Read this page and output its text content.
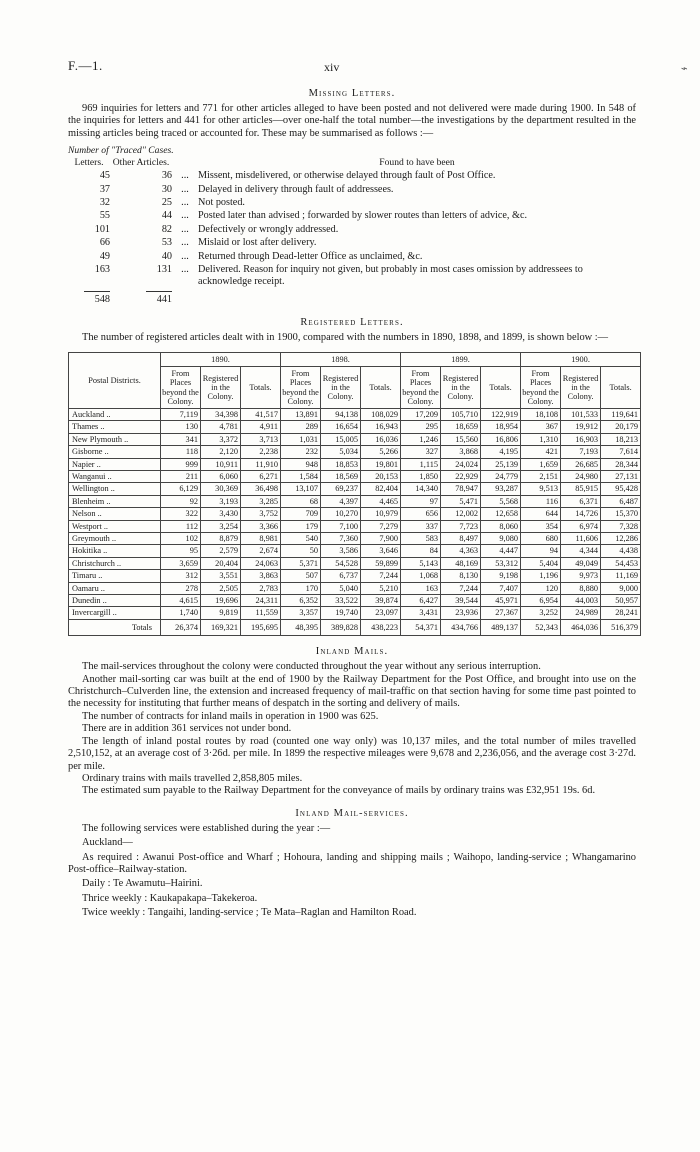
⌁
F.—1.	xiv
Missing Letters.

969 inquiries for letters and 771 for other articles alleged to have been posted and not delivered were made during 1900. In 548 of the inquiries for letters and 441 for other articles—over one-half the total number—the investigations by the department resulted in the missing articles being traced or accounted for. These may be summarised as follows :—

Number of "Traced" Cases.
Letters.	Other Articles.		Found to have been
45	36	...	Missent, misdelivered, or otherwise delayed through fault of Post Office.
37	30	...	Delayed in delivery through fault of addressees.
32	25	...	Not posted.
55	44	...	Posted later than advised ; forwarded by slower routes than letters of advice, &c.
101	82	...	Defectively or wrongly addressed.
66	53	...	Mislaid or lost after delivery.
49	40	...	Returned through Dead-letter Office as unclaimed, &c.
163	131	...	Delivered. Reason for inquiry not given, but probably in most cases omission by addressees to acknowledge receipt.

548	441		
Registered Letters.

The number of registered articles dealt with in 1900, compared with the numbers in 1890, 1898, and 1899, is shown below :—

Postal Districts.	1890.			1898.			1899.			1900.		
	From Places beyond the Colony.	Registered in the Colony.	Totals.	From Places beyond the Colony.	Registered in the Colony.	Totals.	From Places beyond the Colony.	Registered in the Colony.	Totals.	From Places beyond the Colony.	Registered in the Colony.	Totals.
Auckland ..	7,119	34,398	41,517	13,891	94,138	108,029	17,209	105,710	122,919	18,108	101,533	119,641
Thames ..	130	4,781	4,911	289	16,654	16,943	295	18,659	18,954	367	19,912	20,179
New Plymouth ..	341	3,372	3,713	1,031	15,005	16,036	1,246	15,560	16,806	1,310	16,903	18,213
Gisborne ..	118	2,120	2,238	232	5,034	5,266	327	3,868	4,195	421	7,193	7,614
Napier ..	999	10,911	11,910	948	18,853	19,801	1,115	24,024	25,139	1,659	26,685	28,344
Wanganui ..	211	6,060	6,271	1,584	18,569	20,153	1,850	22,929	24,779	2,151	24,980	27,131
Wellington ..	6,129	30,369	36,498	13,107	69,237	82,404	14,340	78,947	93,287	9,513	85,915	95,428
Blenheim ..	92	3,193	3,285	68	4,397	4,465	97	5,471	5,568	116	6,371	6,487
Nelson ..	322	3,430	3,752	709	10,270	10,979	656	12,002	12,658	644	14,726	15,370
Westport ..	112	3,254	3,366	179	7,100	7,279	337	7,723	8,060	354	6,974	7,328
Greymouth ..	102	8,879	8,981	540	7,360	7,900	583	8,497	9,080	680	11,606	12,286
Hokitika ..	95	2,579	2,674	50	3,586	3,646	84	4,363	4,447	94	4,344	4,438
Christchurch ..	3,659	20,404	24,063	5,371	54,528	59,899	5,143	48,169	53,312	5,404	49,049	54,453
Timaru ..	312	3,551	3,863	507	6,737	7,244	1,068	8,130	9,198	1,196	9,973	11,169
Oamaru ..	278	2,505	2,783	170	5,040	5,210	163	7,244	7,407	120	8,880	9,000
Dunedin ..	4,615	19,696	24,311	6,352	33,522	39,874	6,427	39,544	45,971	6,954	44,003	50,957
Invercargill ..	1,740	9,819	11,559	3,357	19,740	23,097	3,431	23,936	27,367	3,252	24,989	28,241
Totals	26,374	169,321	195,695	48,395	389,828	438,223	54,371	434,766	489,137	52,343	464,036	516,379
Inland Mails.

The mail-services throughout the colony were conducted throughout the year without any serious interruption.

Another mail-sorting car was built at the end of 1900 by the Railway Department for the Post Office, and brought into use on the Christchurch–Culverden line, the extension and increased frequency of mail-traffic on that section having for some time past pointed to the necessity for instituting that further means of despatch in the sorting and delivery of mails.

The number of contracts for inland mails in operation in 1900 was 625.

There are in addition 361 services not under bond.

The length of inland postal routes by road (counted one way only) was 10,137 miles, and the total number of miles travelled 2,510,152, at an average cost of 3·26d. per mile. In 1899 the respective mileages were 9,678 and 2,236,056, and the average cost 3·27d. per mile.

Ordinary trains with mails travelled 2,858,805 miles.

The estimated sum payable to the Railway Department for the conveyance of mails by ordinary trains was £32,951 19s. 6d.

Inland Mail-services.

The following services were established during the year :—

Auckland—

As required : Awanui Post-office and Wharf ; Hohoura, landing and shipping mails ; Waihopo, landing-service ; Whangamarino Post-office–Railway-station.

Daily : Te Awamutu–Hairini.

Thrice weekly : Kaukapakapa–Takekeroa.

Twice weekly : Tangaihi, landing-service ; Te Mata–Raglan and Hamilton Road.
